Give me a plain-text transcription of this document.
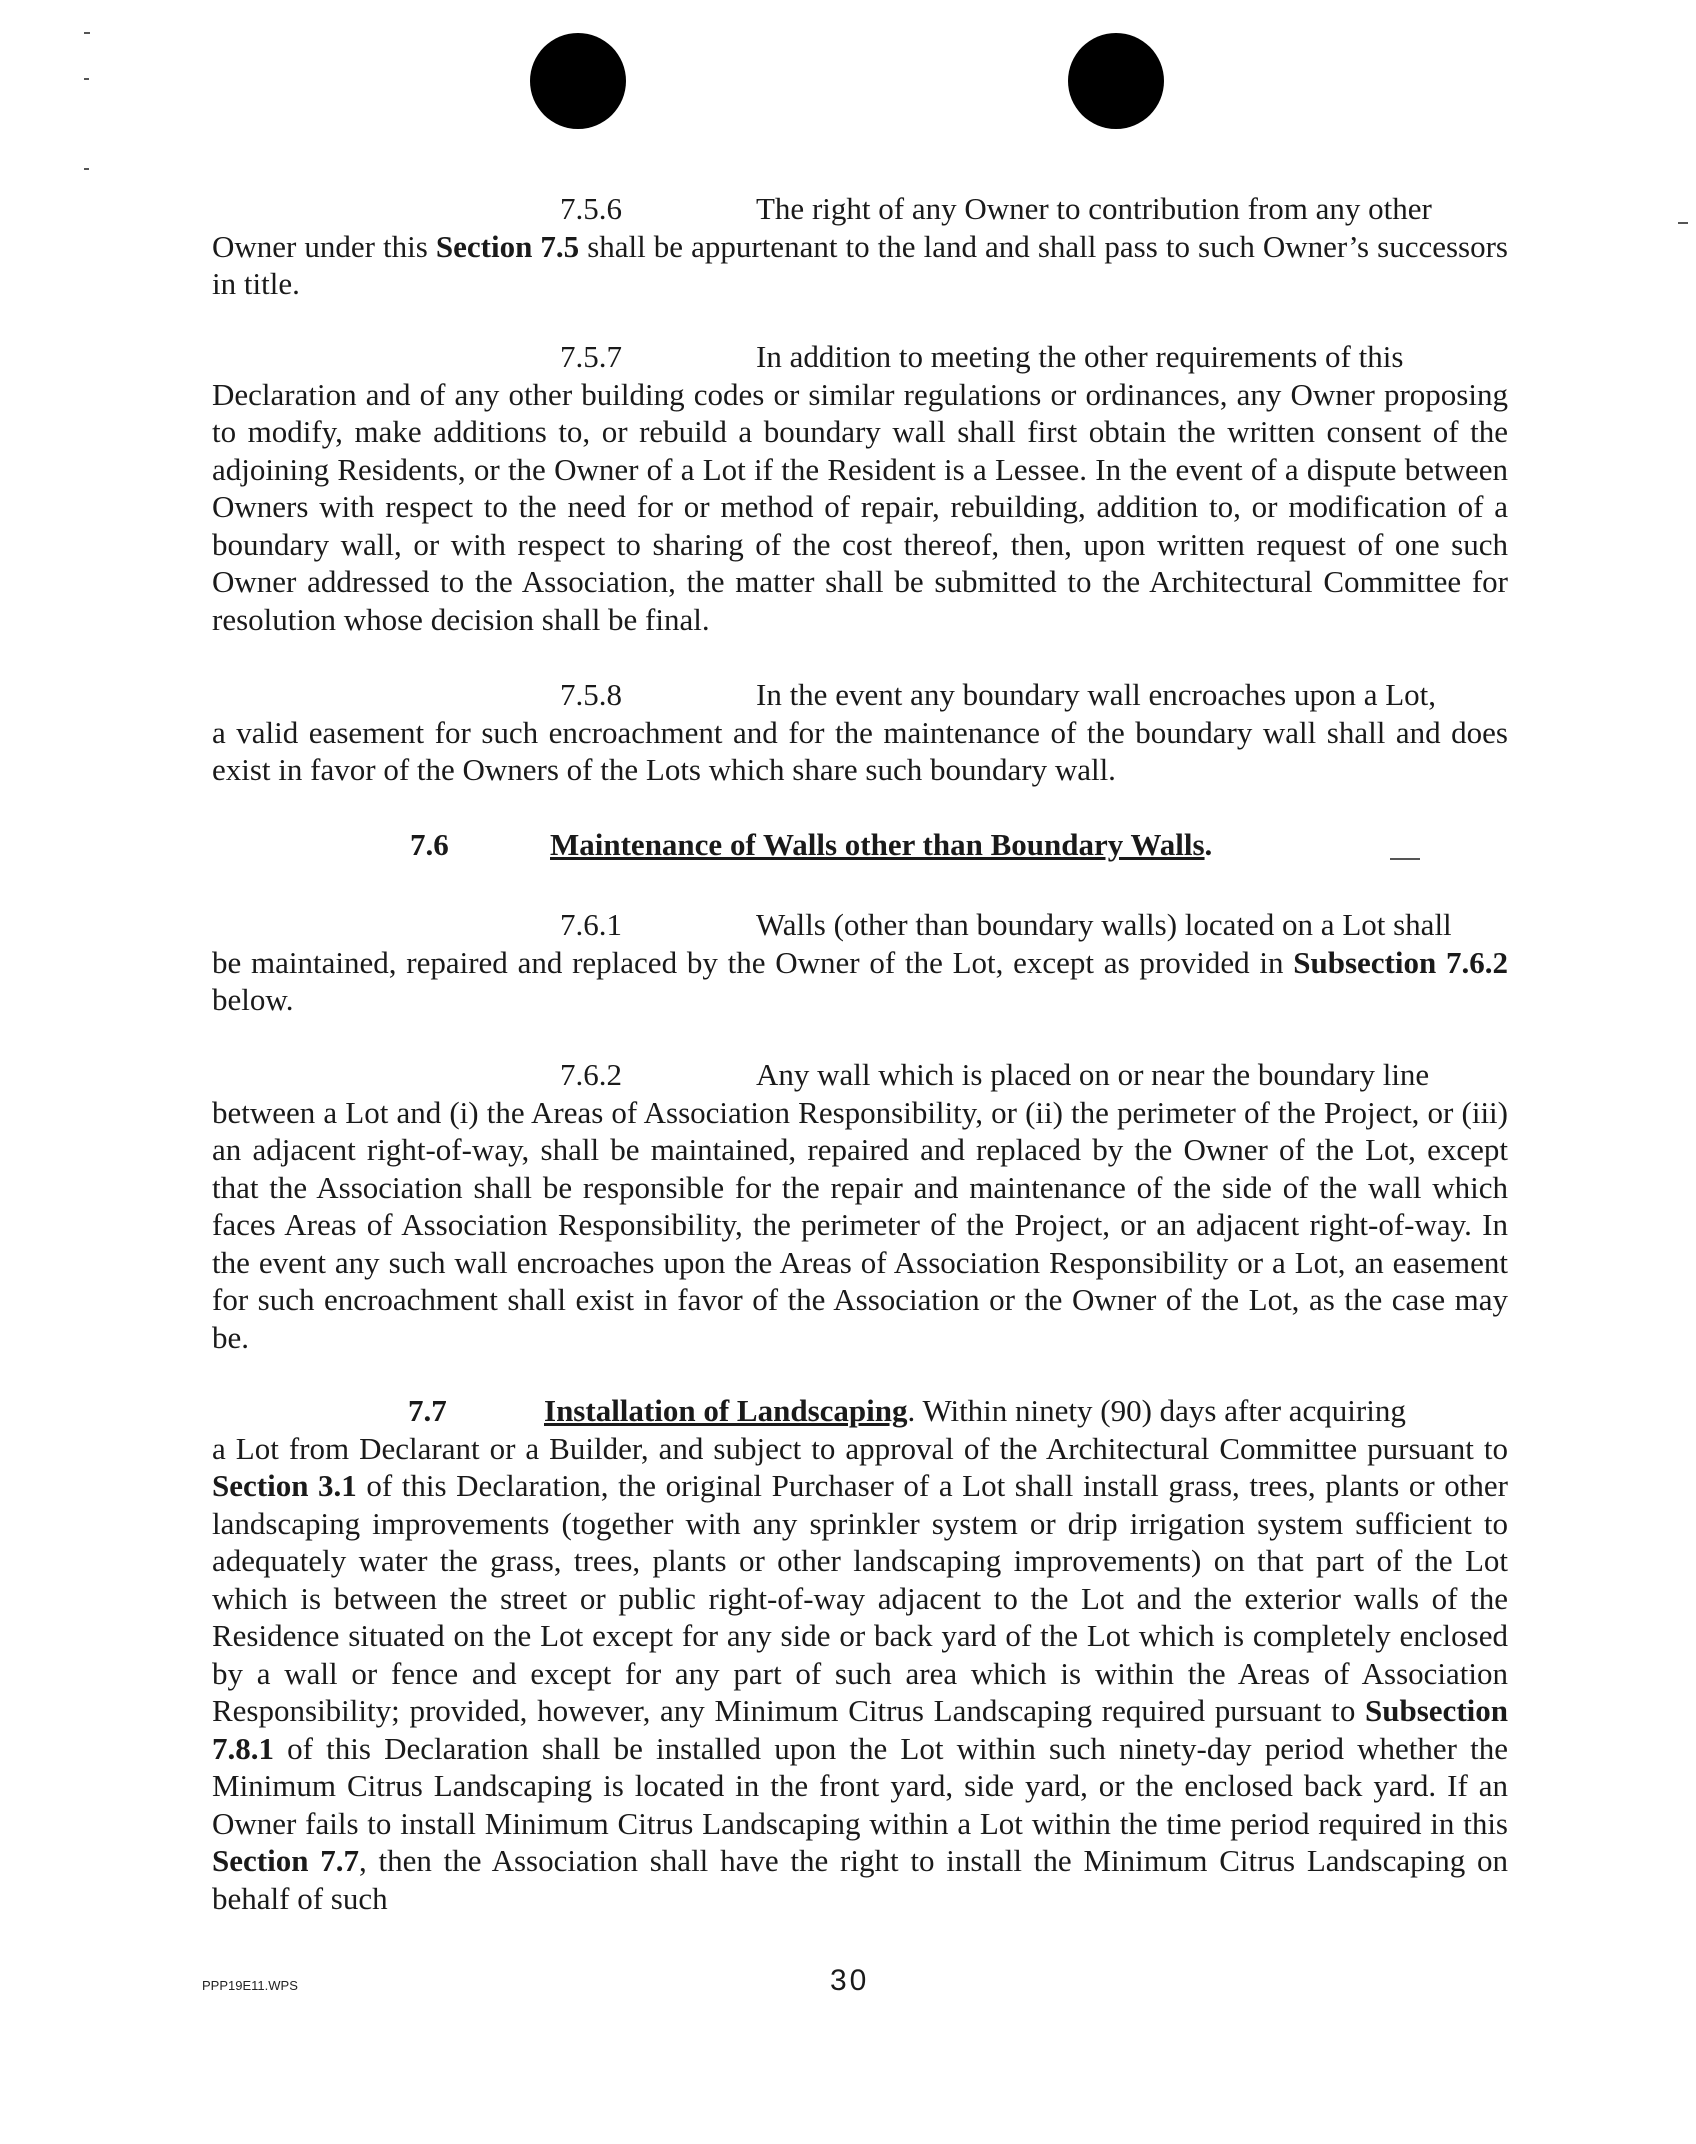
7.5.6	The right of any Owner to contribution from any other
Owner under this Section 7.5 shall be appurtenant to the land and shall pass to such Owner’s successors in title.
7.5.7	In addition to meeting the other requirements of this
Declaration and of any other building codes or similar regulations or ordinances, any Owner proposing to modify, make additions to, or rebuild a boundary wall shall first obtain the written consent of the adjoining Residents, or the Owner of a Lot if the Resident is a Lessee. In the event of a dispute between Owners with respect to the need for or method of repair, rebuilding, addition to, or modification of a boundary wall, or with respect to sharing of the cost thereof, then, upon written request of one such Owner addressed to the Association, the matter shall be submitted to the Architectural Committee for resolution whose decision shall be final.
7.5.8	In the event any boundary wall encroaches upon a Lot,
a valid easement for such encroachment and for the maintenance of the boundary wall shall and does exist in favor of the Owners of the Lots which share such boundary wall.
7.6	Maintenance of Walls other than Boundary Walls.
7.6.1	Walls (other than boundary walls) located on a Lot shall
be maintained, repaired and replaced by the Owner of the Lot, except as provided in Subsection 7.6.2 below.
7.6.2	Any wall which is placed on or near the boundary line
between a Lot and (i) the Areas of Association Responsibility, or (ii) the perimeter of the Project, or (iii) an adjacent right-of-way, shall be maintained, repaired and replaced by the Owner of the Lot, except that the Association shall be responsible for the repair and maintenance of the side of the wall which faces Areas of Association Responsibility, the perimeter of the Project, or an adjacent right-of-way. In the event any such wall encroaches upon the Areas of Association Responsibility or a Lot, an easement for such encroachment shall exist in favor of the Association or the Owner of the Lot, as the case may be.
7.7	Installation of Landscaping. Within ninety (90) days after acquiring
a Lot from Declarant or a Builder, and subject to approval of the Architectural Committee pursuant to Section 3.1 of this Declaration, the original Purchaser of a Lot shall install grass, trees, plants or other landscaping improvements (together with any sprinkler system or drip irrigation system sufficient to adequately water the grass, trees, plants or other landscaping improvements) on that part of the Lot which is between the street or public right-of-way adjacent to the Lot and the exterior walls of the Residence situated on the Lot except for any side or back yard of the Lot which is completely enclosed by a wall or fence and except for any part of such area which is within the Areas of Association Responsibility; provided, however, any Minimum Citrus Landscaping required pursuant to Subsection 7.8.1 of this Declaration shall be installed upon the Lot within such ninety-day period whether the Minimum Citrus Landscaping is located in the front yard, side yard, or the enclosed back yard. If an Owner fails to install Minimum Citrus Landscaping within a Lot within the time period required in this Section 7.7, then the Association shall have the right to install the Minimum Citrus Landscaping on behalf of such
PPP19E11.WPS	30
